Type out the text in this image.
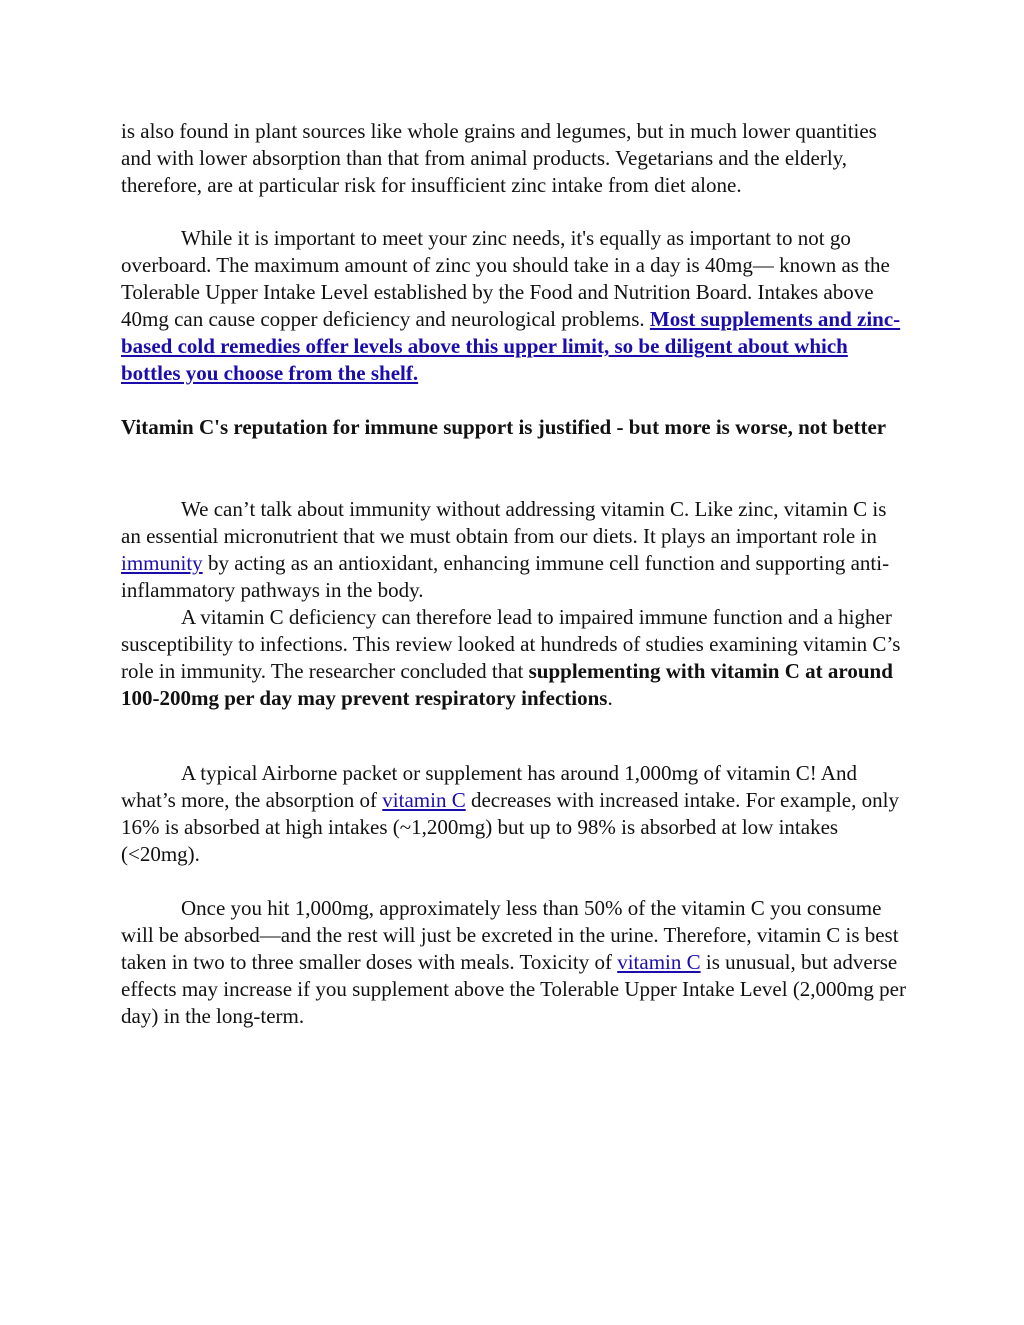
is also found in plant sources like whole grains and legumes, but in much lower quantities and with lower absorption than that from animal products. Vegetarians and the elderly, therefore, are at particular risk for insufficient zinc intake from diet alone.

While it is important to meet your zinc needs, it's equally as important to not go overboard. The maximum amount of zinc you should take in a day is 40mg— known as the Tolerable Upper Intake Level established by the Food and Nutrition Board. Intakes above 40mg can cause copper deficiency and neurological problems. Most supplements and zinc-based cold remedies offer levels above this upper limit, so be diligent about which bottles you choose from the shelf.

Vitamin C's reputation for immune support is justified - but more is worse, not better

We can’t talk about immunity without addressing vitamin C. Like zinc, vitamin C is an essential micronutrient that we must obtain from our diets. It plays an important role in immunity by acting as an antioxidant, enhancing immune cell function and supporting anti-inflammatory pathways in the body.

A vitamin C deficiency can therefore lead to impaired immune function and a higher susceptibility to infections. This review looked at hundreds of studies examining vitamin C’s role in immunity. The researcher concluded that supplementing with vitamin C at around 100-200mg per day may prevent respiratory infections.

A typical Airborne packet or supplement has around 1,000mg of vitamin C! And what’s more, the absorption of vitamin C decreases with increased intake. For example, only 16% is absorbed at high intakes (~1,200mg) but up to 98% is absorbed at low intakes (<20mg).

Once you hit 1,000mg, approximately less than 50% of the vitamin C you consume will be absorbed—and the rest will just be excreted in the urine. Therefore, vitamin C is best taken in two to three smaller doses with meals. Toxicity of vitamin C is unusual, but adverse effects may increase if you supplement above the Tolerable Upper Intake Level (2,000mg per day) in the long-term.
